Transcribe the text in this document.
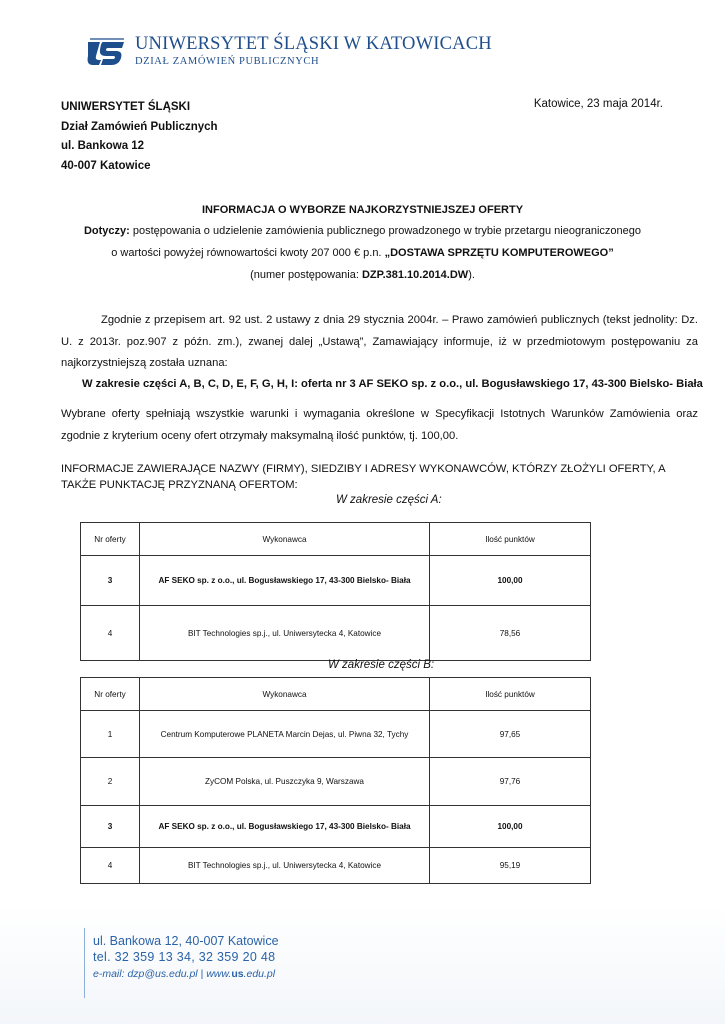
UNIWERSYTET ŚLĄSKI W KATOWICACH
DZIAŁ ZAMÓWIEŃ PUBLICZNYCH
UNIWERSYTET ŚLĄSKI
Dział Zamówień Publicznych
ul. Bankowa 12
40-007 Katowice
Katowice, 23 maja 2014r.
INFORMACJA O WYBORZE NAJKORZYSTNIEJSZEJ OFERTY
Dotyczy: postępowania o udzielenie zamówienia publicznego prowadzonego w trybie przetargu nieograniczonego
o wartości powyżej równowartości kwoty 207 000 € p.n. „DOSTAWA SPRZĘTU KOMPUTEROWEGO”
(numer postępowania: DZP.381.10.2014.DW).
Zgodnie z przepisem art. 92 ust. 2 ustawy z dnia 29 stycznia 2004r. – Prawo zamówień publicznych (tekst jednolity: Dz. U. z 2013r. poz.907 z późn. zm.), zwanej dalej „Ustawą”, Zamawiający informuje, iż w przedmiotowym postępowaniu za najkorzystniejszą została uznana:
W zakresie części A, B, C, D, E, F, G, H, I: oferta nr 3 AF SEKO sp. z o.o., ul. Bogusławskiego 17, 43-300 Bielsko- Biała
Wybrane oferty spełniają wszystkie warunki i wymagania określone w Specyfikacji Istotnych Warunków Zamówienia oraz zgodnie z kryterium oceny ofert otrzymały maksymalną ilość punktów, tj. 100,00.
INFORMACJE ZAWIERAJĄCE NAZWY (FIRMY), SIEDZIBY I ADRESY WYKONAWCÓW, KTÓRZY ZŁOŻYLI OFERTY, A TAKŻE PUNKTACJĘ PRZYZNANĄ OFERTOM:
W zakresie części A:
Nr oferty	Wykonawca	Ilość punktów
3	AF SEKO sp. z o.o., ul. Bogusławskiego 17, 43-300 Bielsko- Biała	100,00
4	BIT Technologies sp.j., ul. Uniwersytecka 4, Katowice	78,56
W zakresie części B:
Nr oferty	Wykonawca	Ilość punktów
1	Centrum Komputerowe PLANETA Marcin Dejas, ul. Piwna 32, Tychy	97,65
2	ZyCOM Polska, ul. Puszczyka 9, Warszawa	97,76
3	AF SEKO sp. z o.o., ul. Bogusławskiego 17, 43-300 Bielsko- Biała	100,00
4	BIT Technologies sp.j., ul. Uniwersytecka 4, Katowice	95,19
ul. Bankowa 12, 40-007 Katowice
tel. 32 359 13 34, 32 359 20 48
e-mail: dzp@us.edu.pl | www.us.edu.pl
